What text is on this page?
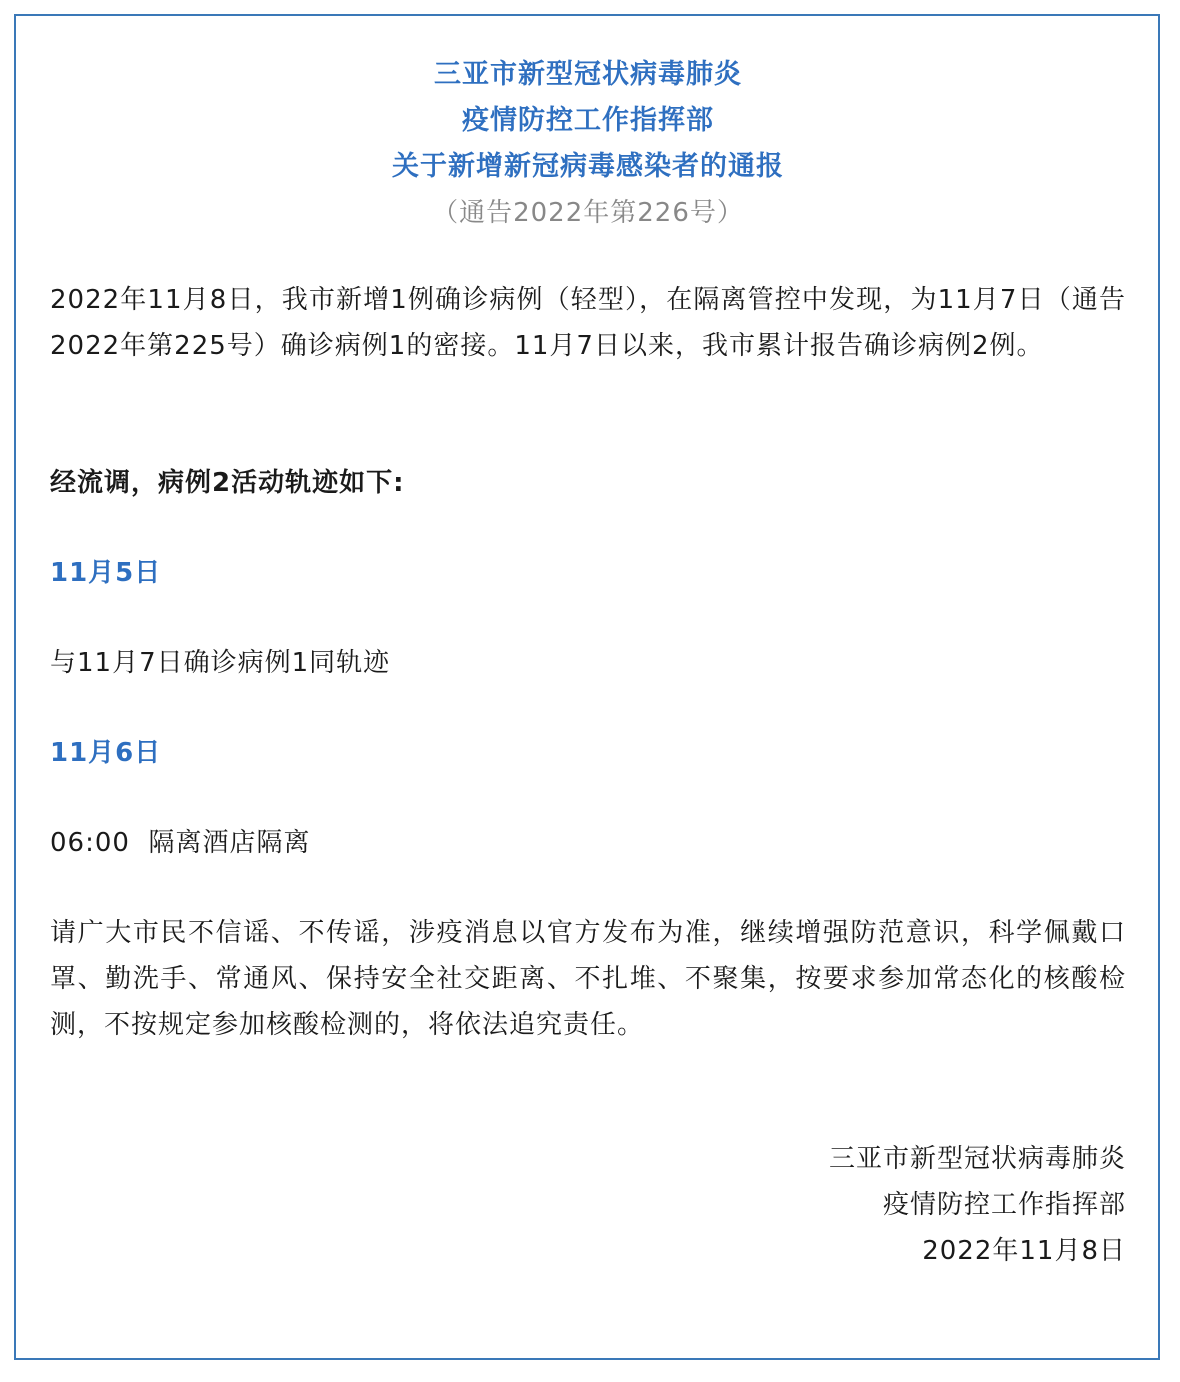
三亚市新型冠状病毒肺炎
疫情防控工作指挥部
关于新增新冠病毒感染者的通报
（通告2022年第226号）

2022年11月8日，我市新增1例确诊病例（轻型），在隔离管控中发现，为11月7日（通告2022年第225号）确诊病例1的密接。11月7日以来，我市累计报告确诊病例2例。

经流调，病例2活动轨迹如下:

11月5日

与11月7日确诊病例1同轨迹

11月6日

06:00  隔离酒店隔离

请广大市民不信谣、不传谣，涉疫消息以官方发布为准，继续增强防范意识，科学佩戴口罩、勤洗手、常通风、保持安全社交距离、不扎堆、不聚集，按要求参加常态化的核酸检测，不按规定参加核酸检测的，将依法追究责任。

三亚市新型冠状病毒肺炎
疫情防控工作指挥部
2022年11月8日
